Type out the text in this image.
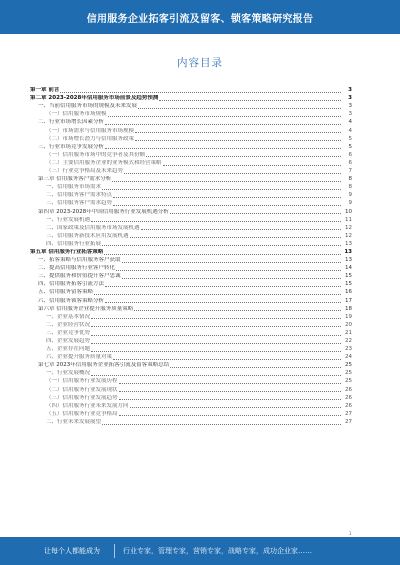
信用服务企业拓客引流及留客、锁客策略研究报告
内容目录
第一章 前言	3
第二章 2023-2028年信用服务市场前景及趋势预测	3
一、当前信用服务市场的规模及未来发展	3
（一）信用服务市场规模	3
二、行业市场增长因素分析	4
（一）市场需求与信用服务市场规模	4
（二）市场增长潜力与信用服务政策	5
三、行业市场竞争发展分析	5
（一）信用服务市场中的竞争者及其份额	6
（二）主要信用服务企业的业务模式和经营策略	6
（三）行业竞争格局及未来趋势	7
第三章 信用服务客户需求分析	8
一、信用服务市场需求	8
二、信用服务客户需求特点	9
三、信用服务客户需求趋势	9
第四章 2023-2028年中国信用服务行业发展机遇分析	10
一、行业发展机遇	11
二、国家政策及信用服务市场发展机遇	12
三、信用服务新技术应用发展机遇	12
四、信用服务行业拓展	13
第五章 信用服务行业拓客策略	13
一、拓客策略与信用服务客户获取	13
二、提高信用服务行业客户转化	14
三、提供服务和价值提升客户忠诚	15
四、信用服务拓客引流方法	15
五、信用服务留客策略	16
六、信用服务锁客策略分析	17
第六章 信用服务企业提升服务质量策略	18
一、企业基本情况	19
二、企业经营状况	20
三、企业竞争优势	21
四、企业发展趋势	22
五、企业存在问题	23
六、企业提升服务质量对策	24
第七章 2023年信用服务企业拓客引流及留客策略总结	25
一、行业发展概况	25
（一）信用服务行业发展历程	25
（二）信用服务行业发展现状	26
（三）信用服务行业发展趋势	26
（四）信用服务行业未来发展方向	26
（五）信用服务行业竞争格局	27
二、行业未来发展展望	27
1
让每个人都能成为	行业专家，管理专家，营销专家，战略专家，成功企业家……
